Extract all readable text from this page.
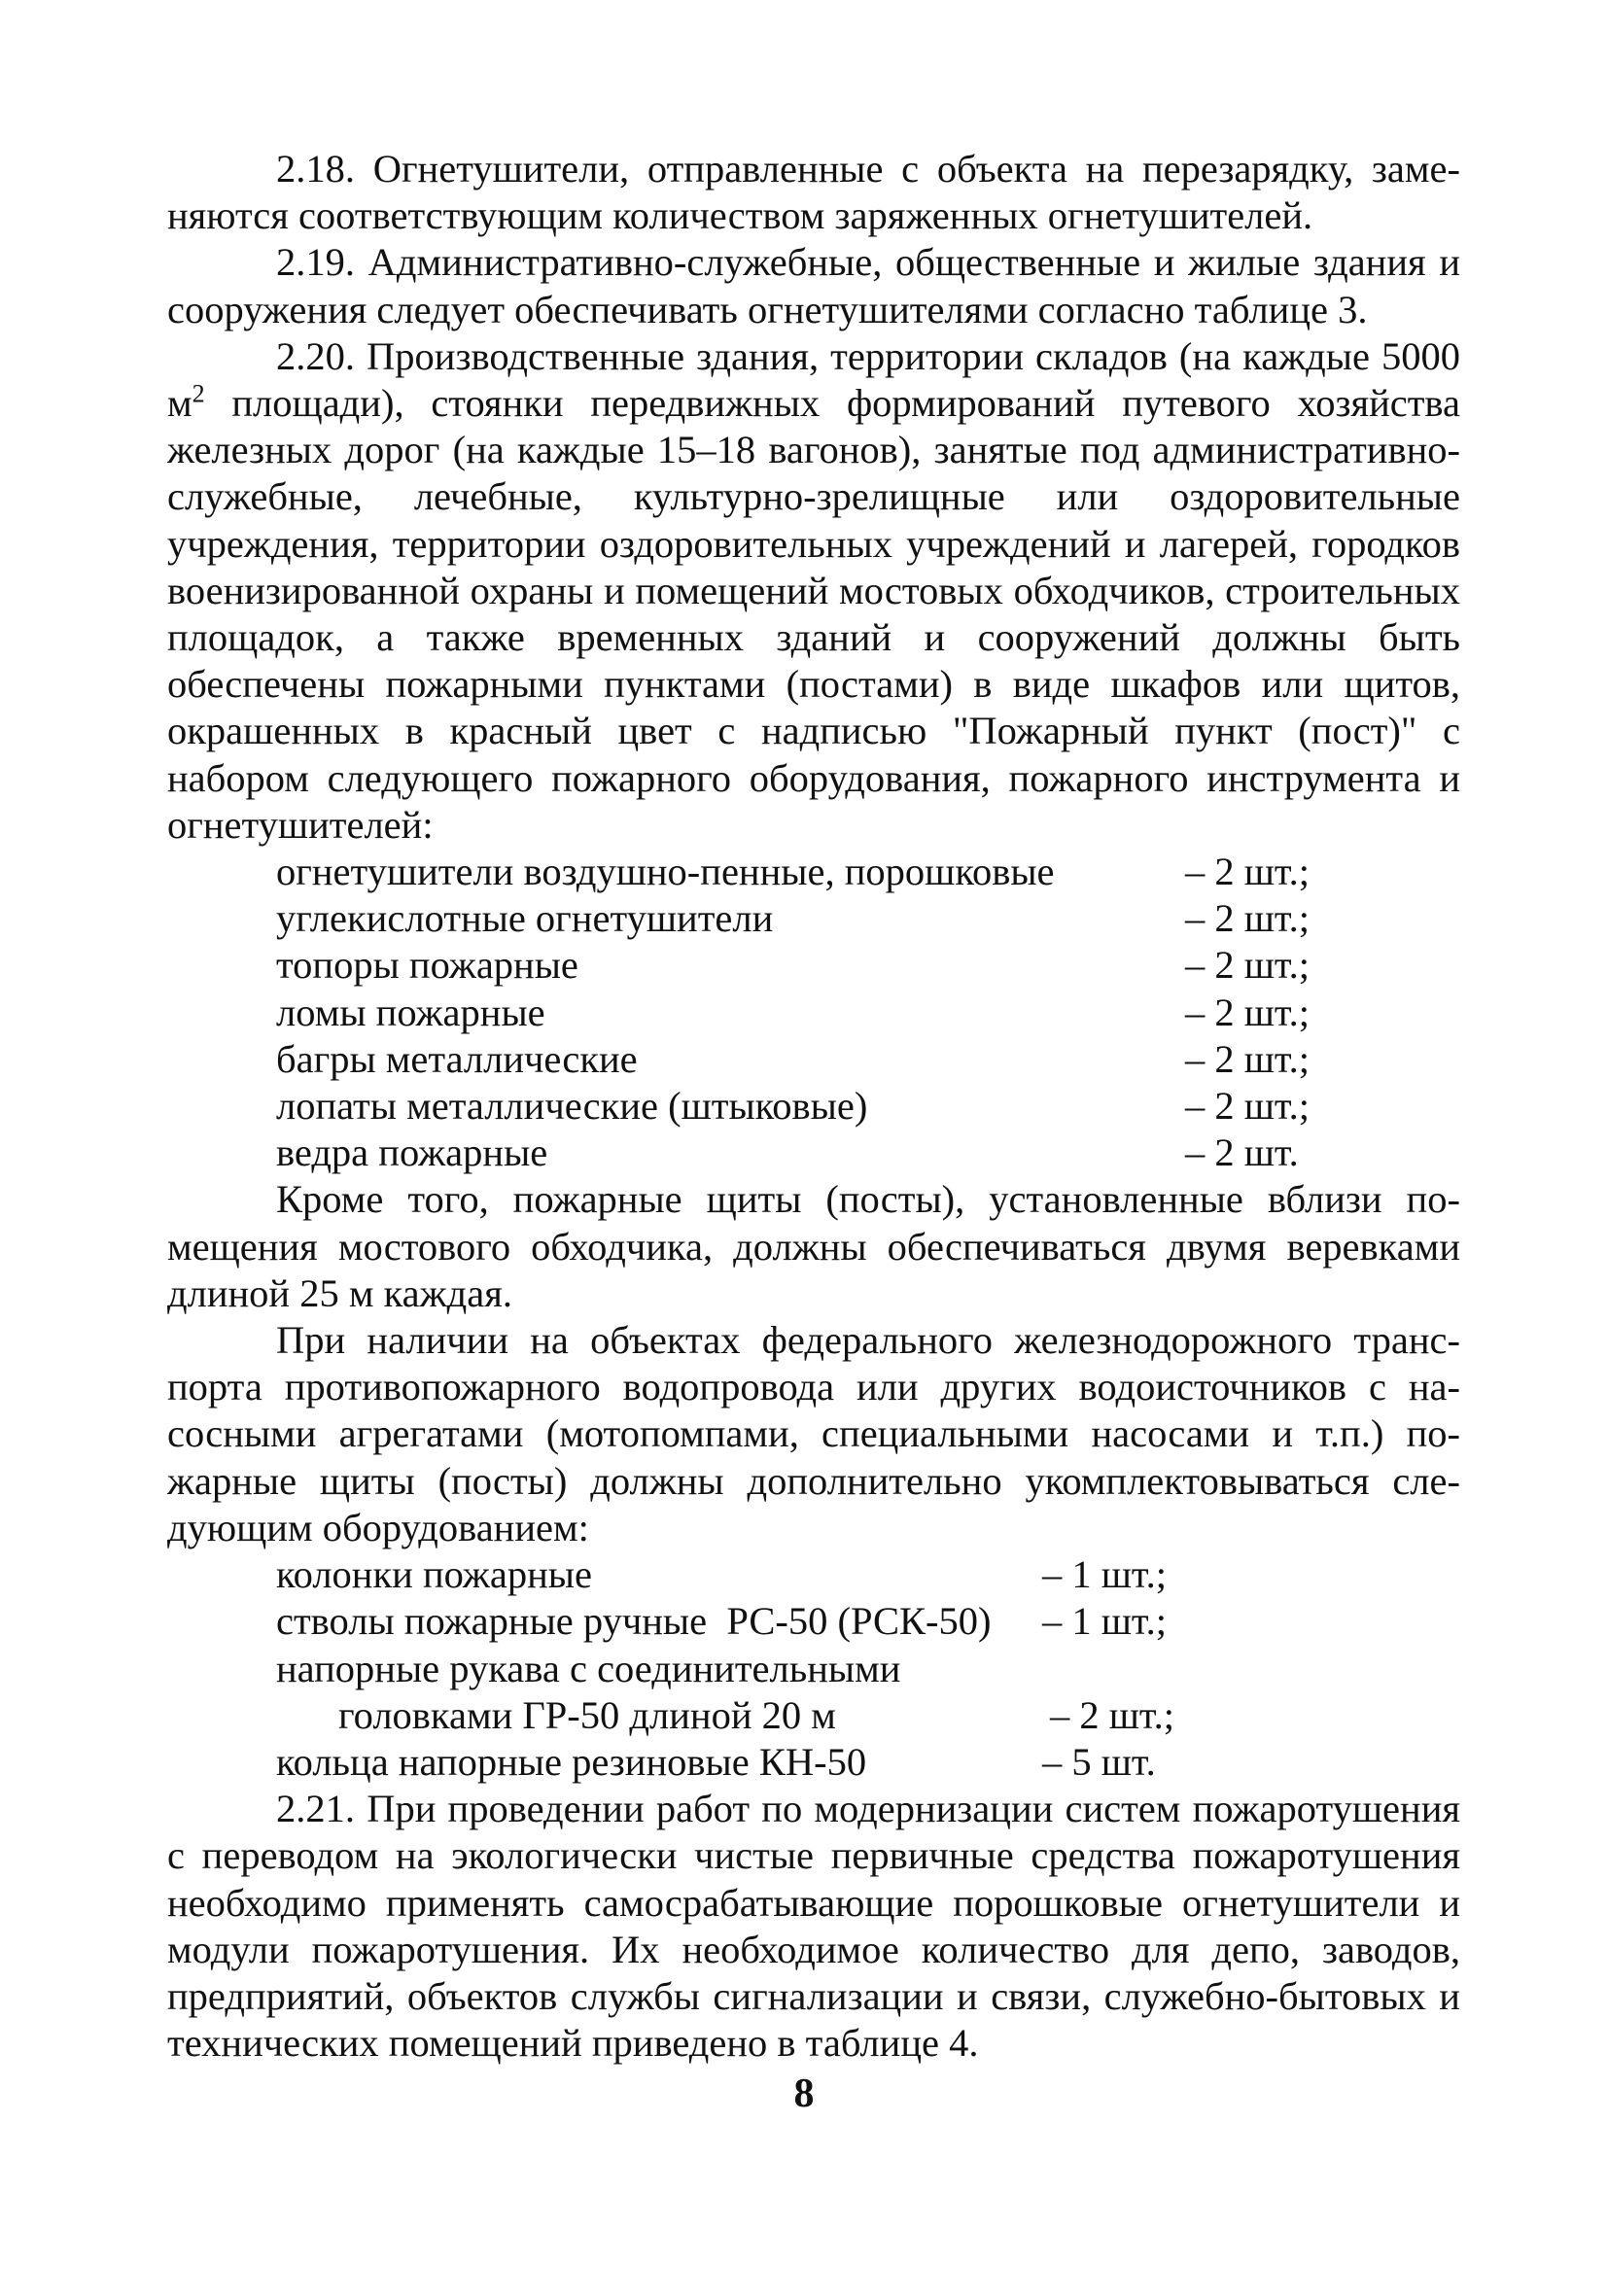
2.18. Огнетушители, отправленные с объекта на перезарядку, заменяются соответствующим количеством заряженных огнетушителей.

2.19. Административно-служебные, общественные и жилые здания и сооружения следует обеспечивать огнетушителями согласно таблице 3.

2.20. Производственные здания, территории складов (на каждые 5000 $м^2$ площади), стоянки передвижных формирований путевого хозяйства железных дорог (на каждые 15–18 вагонов), занятые под административно-служебные, лечебные, культурно-зрелищные или оздоровительные учреждения, территории оздоровительных учреждений и лагерей, городков военизированной охраны и помещений мостовых обходчиков, строительных площадок, а также временных зданий и сооружений должны быть обеспечены пожарными пунктами (постами) в виде шкафов или щитов, окрашенных в красный цвет с надписью "Пожарный пункт (пост)" с набором следующего пожарного оборудования, пожарного инструмента и огнетушителей:

огнетушители воздушно-пенные, порошковые	– 2 шт.;
углекислотные огнетушители	– 2 шт.;
топоры пожарные	– 2 шт.;
ломы пожарные	– 2 шт.;
багры металлические	– 2 шт.;
лопаты металлические (штыковые)	– 2 шт.;
ведра пожарные	– 2 шт.

Кроме того, пожарные щиты (посты), установленные вблизи помещения мостового обходчика, должны обеспечиваться двумя веревками длиной 25 м каждая.

При наличии на объектах федерального железнодорожного транспорта противопожарного водопровода или других водоисточников с насосными агрегатами (мотопомпами, специальными насосами и т.п.) пожарные щиты (посты) должны дополнительно укомплектовываться следующим оборудованием:

колонки пожарные	– 1 шт.;
стволы пожарные ручные  РС-50 (РСК-50)	– 1 шт.;
напорные рукава с соединительными
головками ГР-50 длиной 20 м	– 2 шт.;
кольца напорные резиновые КН-50	– 5 шт.

2.21. При проведении работ по модернизации систем пожаротушения с переводом на экологически чистые первичные средства пожаротушения необходимо применять самосрабатывающие порошковые огнетушители и модули пожаротушения. Их необходимое количество для депо, заводов, предприятий, объектов службы сигнализации и связи, служебно-бытовых и технических помещений приведено в таблице 4.

8
